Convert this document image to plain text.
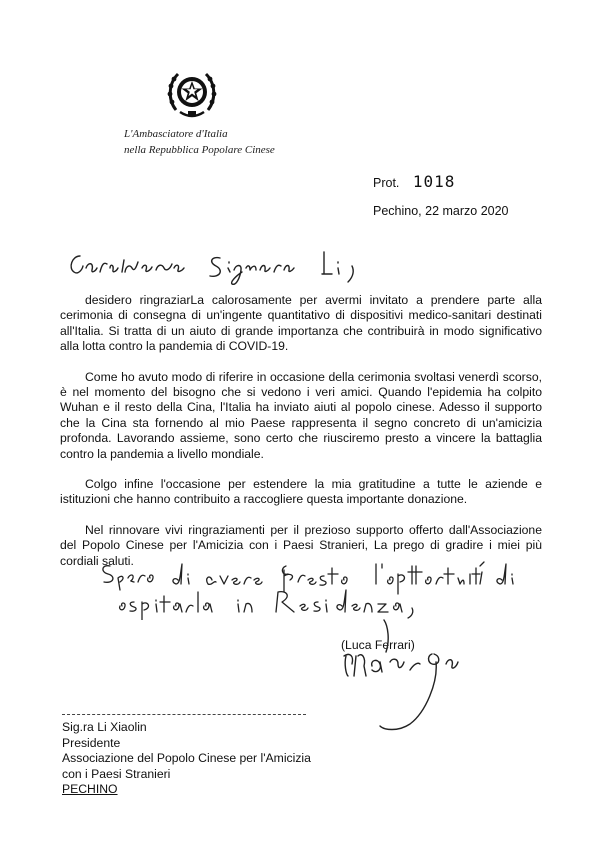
L'Ambasciatore d'Italia
nella Repubblica Popolare Cinese
Prot. 1018
Pechino, 22 marzo 2020

desidero ringraziarLa calorosamente per avermi invitato a prendere parte alla cerimonia di consegna di un'ingente quantitativo di dispositivi medico-sanitari destinati all'Italia. Si tratta di un aiuto di grande importanza che contribuirà in modo significativo alla lotta contro la pandemia di COVID-19.

Come ho avuto modo di riferire in occasione della cerimonia svoltasi venerdì scorso, è nel momento del bisogno che si vedono i veri amici. Quando l'epidemia ha colpito Wuhan e il resto della Cina, l'Italia ha inviato aiuti al popolo cinese. Adesso il supporto che la Cina sta fornendo al mio Paese rappresenta il segno concreto di un'amicizia profonda. Lavorando assieme, sono certo che riusciremo presto a vincere la battaglia contro la pandemia a livello mondiale.

Colgo infine l'occasione per estendere la mia gratitudine a tutte le aziende e istituzioni che hanno contribuito a raccogliere questa importante donazione.

Nel rinnovare vivi ringraziamenti per il prezioso supporto offerto dall'Associazione del Popolo Cinese per l'Amicizia con i Paesi Stranieri, La prego di gradire i miei più cordiali saluti.

(Luca Ferrari)
Sig.ra Li Xiaolin
Presidente
Associazione del Popolo Cinese per l'Amicizia
con i Paesi Stranieri
PECHINO
